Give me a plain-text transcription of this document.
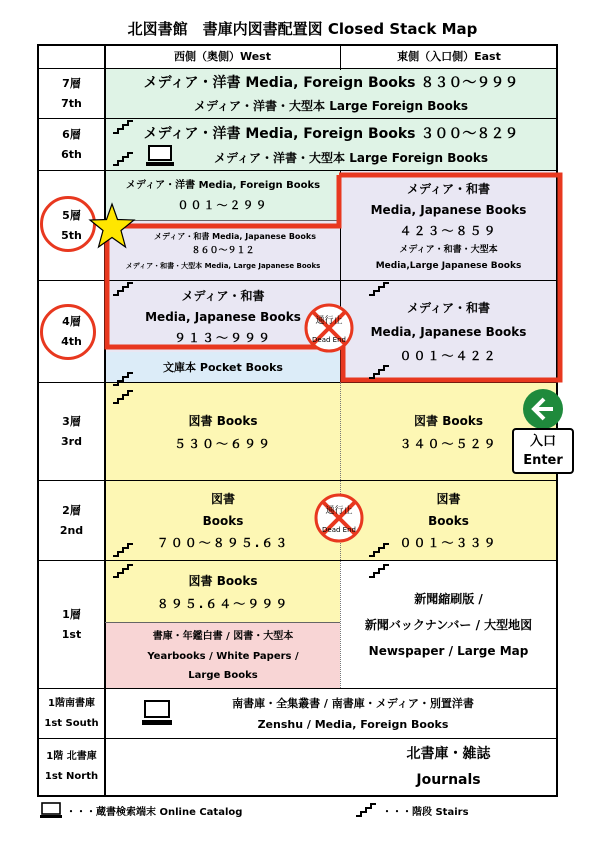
北図書館　書庫内図書配置図 Closed Stack Map
西側（奥側）West	東側（入口側）East
7層
7th
6層
6th
5層
5th
4層
4th
3層
3rd
2層
2nd
1層
1st
1階南書庫
1st South
1階 北書庫
1st North
メディア・洋書 Media, Foreign Books ８３０～９９９
メディア・洋書・大型本 Large Foreign Books
メディア・洋書 Media, Foreign Books ３００～８２９
メディア・洋書・大型本 Large Foreign Books
メディア・洋書 Media, Foreign Books
００１～２９９
メディア・和書 Media, Japanese Books
８６０～９１２
メディア・和書・大型本 Media, Large Japanese Books
メディア・和書
Media, Japanese Books
４２３～８５９
メディア・和書・大型本
Media,Large Japanese Books
メディア・和書
Media, Japanese Books
９１３～９９９
文庫本 Pocket Books
メディア・和書
Media, Japanese Books
００１～４２２
図書 Books
５３０～６９９
図書 Books
３４０～５２９
図書
Books
７００～８９５.６３
図書
Books
００１～３３９
図書 Books
８９５.６４～９９９
書庫・年鑑白書 / 図書・大型本
Yearbooks / White Papers /
Large Books
新聞縮刷版 /
新聞バックナンバー / 大型地図
Newspaper / Large Map
南書庫・全集叢書 / 南書庫・メディア・別置洋書
Zenshu / Media, Foreign Books
北書庫・雑誌
Journals
通行止
Dead End
通行止
Dead End
入口
Enter
・・・蔵書検索端末 Online Catalog	・・・階段 Stairs
